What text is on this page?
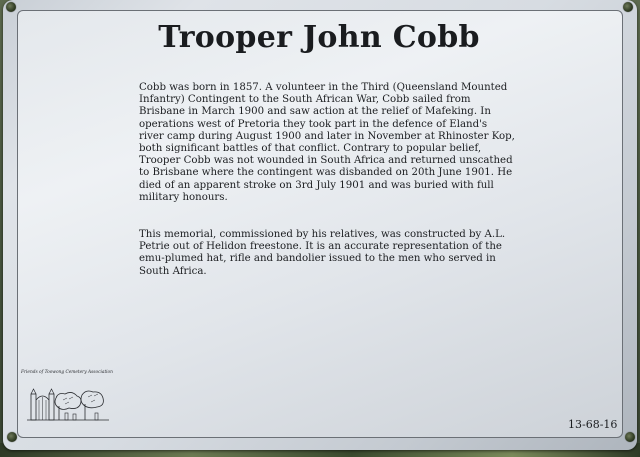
Trooper John Cobb

Cobb was born in 1857. A volunteer in the Third (Queensland Mounted Infantry) Contingent to the South African War, Cobb sailed from Brisbane in March 1900 and saw action at the relief of Mafeking. In operations west of Pretoria they took part in the defence of Eland's river camp during August 1900 and later in November at Rhinoster Kop, both significant battles of that conflict. Contrary to popular belief, Trooper Cobb was not wounded in South Africa and returned unscathed to Brisbane where the contingent was disbanded on 20th June 1901. He died of an apparent stroke on 3rd July 1901 and was buried with full military honours.

This memorial, commissioned by his relatives, was constructed by A.L. Petrie out of Helidon freestone. It is an accurate representation of the emu-plumed hat, rifle and bandolier issued to the men who served in South Africa.

Friends of Toowong Cemetery Association
13-68-16
